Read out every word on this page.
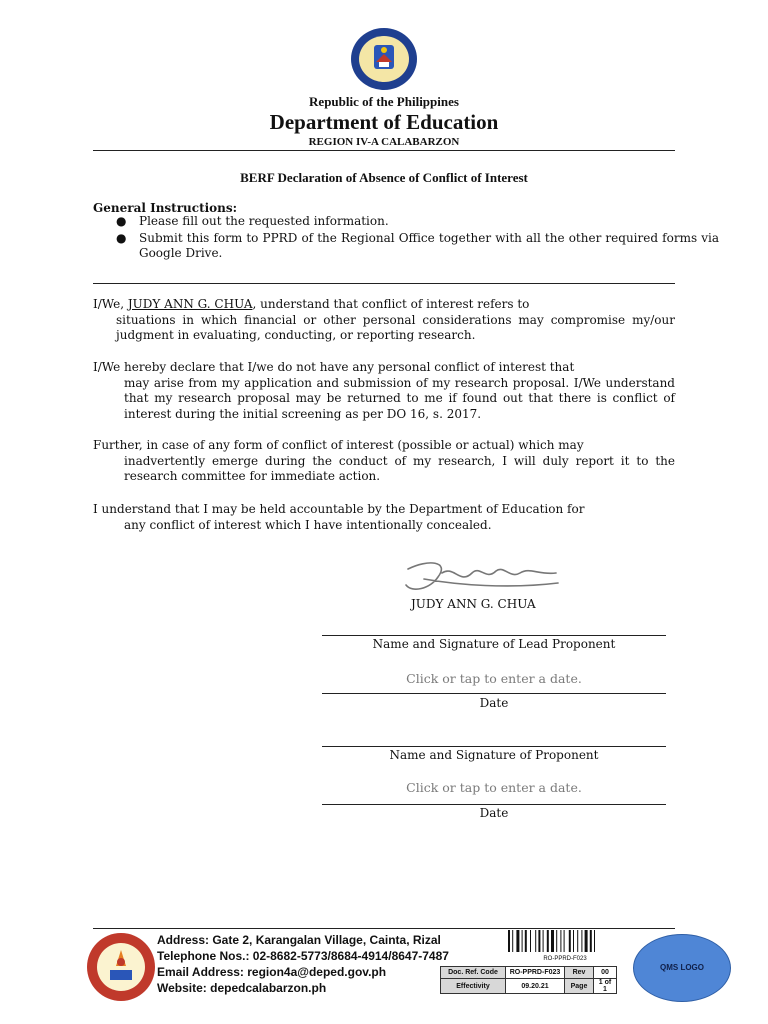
Republic of the Philippines
Department of Education
REGION IV-A CALABARZON
BERF Declaration of Absence of Conflict of Interest
General Instructions:
● Please fill out the requested information.
● Submit this form to PPRD of the Regional Office together with all the other required forms via Google Drive.
I/We, JUDY ANN G. CHUA, understand that conflict of interest refers to
situations in which financial or other personal considerations may compromise my/our judgment in evaluating, conducting, or reporting research.
I/We hereby declare that I/we do not have any personal conflict of interest that
may arise from my application and submission of my research proposal. I/We understand that my research proposal may be returned to me if found out that there is conflict of interest during the initial screening as per DO 16, s. 2017.
Further, in case of any form of conflict of interest (possible or actual) which may
inadvertently emerge during the conduct of my research, I will duly report it to the research committee for immediate action.
I understand that I may be held accountable by the Department of Education for
any conflict of interest which I have intentionally concealed.
JUDY ANN G. CHUA
Name and Signature of Lead Proponent
Click or tap to enter a date.
Date
Name and Signature of Proponent
Click or tap to enter a date.
Date
Address: Gate 2, Karangalan Village, Cainta, Rizal
Telephone Nos.: 02-8682-5773/8684-4914/8647-7487
Email Address: region4a@deped.gov.ph
Website: depedcalabarzon.ph
RO-PPRD-F023
Doc. Ref. Code	RO-PPRD-F023	Rev	00
Effectivity	09.20.21	Page	1 of 1
QMS LOGO
